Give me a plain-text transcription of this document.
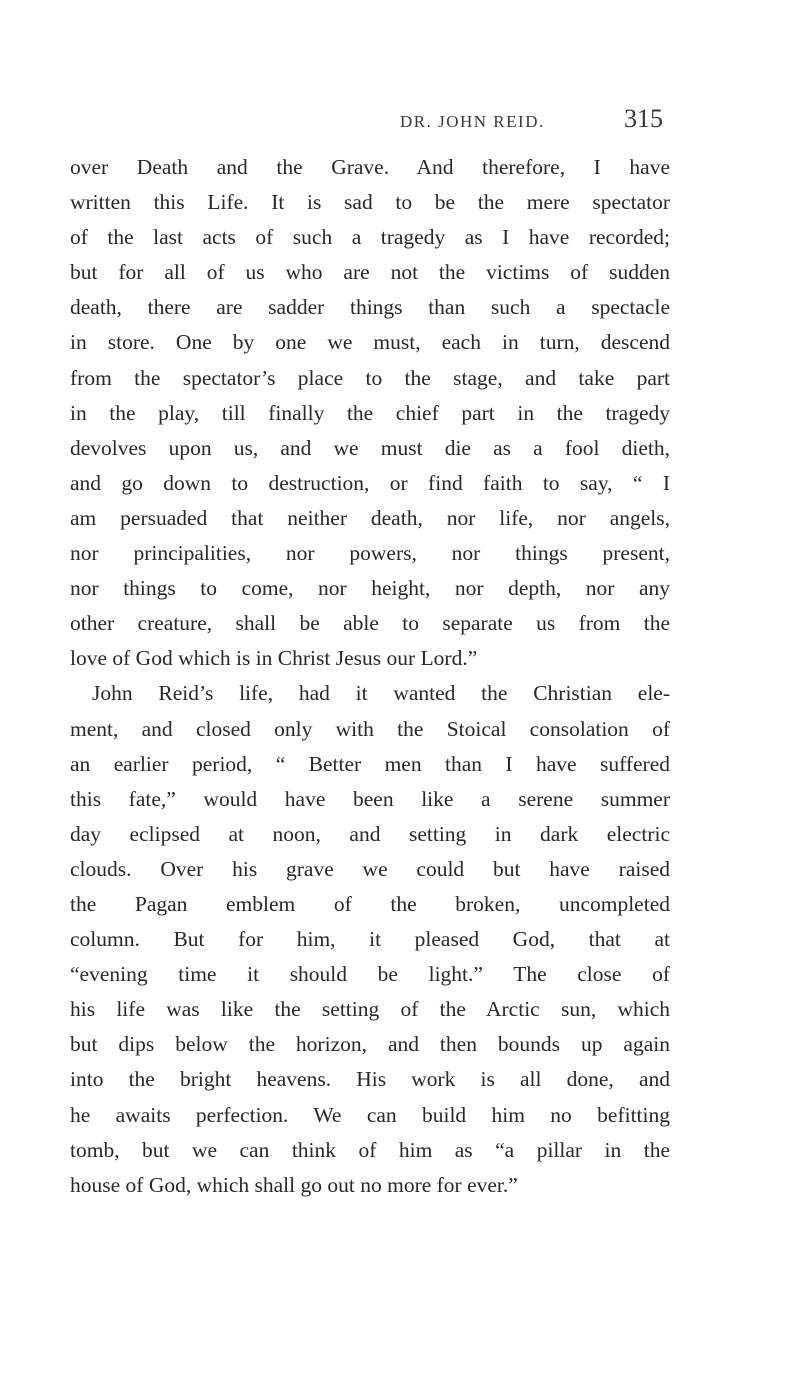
DR. JOHN REID.	315
over Death and the Grave. And therefore, I have
written this Life. It is sad to be the mere spectator
of the last acts of such a tragedy as I have recorded;
but for all of us who are not the victims of sudden
death, there are sadder things than such a spectacle
in store. One by one we must, each in turn, descend
from the spectator’s place to the stage, and take part
in the play, till finally the chief part in the tragedy
devolves upon us, and we must die as a fool dieth,
and go down to destruction, or find faith to say, “ I
am persuaded that neither death, nor life, nor angels,
nor principalities, nor powers, nor things present,
nor things to come, nor height, nor depth, nor any
other creature, shall be able to separate us from the
love of God which is in Christ Jesus our Lord.”
John Reid’s life, had it wanted the Christian ele-
ment, and closed only with the Stoical consolation of
an earlier period, “ Better men than I have suffered
this fate,” would have been like a serene summer
day eclipsed at noon, and setting in dark electric
clouds. Over his grave we could but have raised
the Pagan emblem of the broken, uncompleted
column. But for him, it pleased God, that at
“evening time it should be light.” The close of
his life was like the setting of the Arctic sun, which
but dips below the horizon, and then bounds up again
into the bright heavens. His work is all done, and
he awaits perfection. We can build him no befitting
tomb, but we can think of him as “a pillar in the
house of God, which shall go out no more for ever.”
